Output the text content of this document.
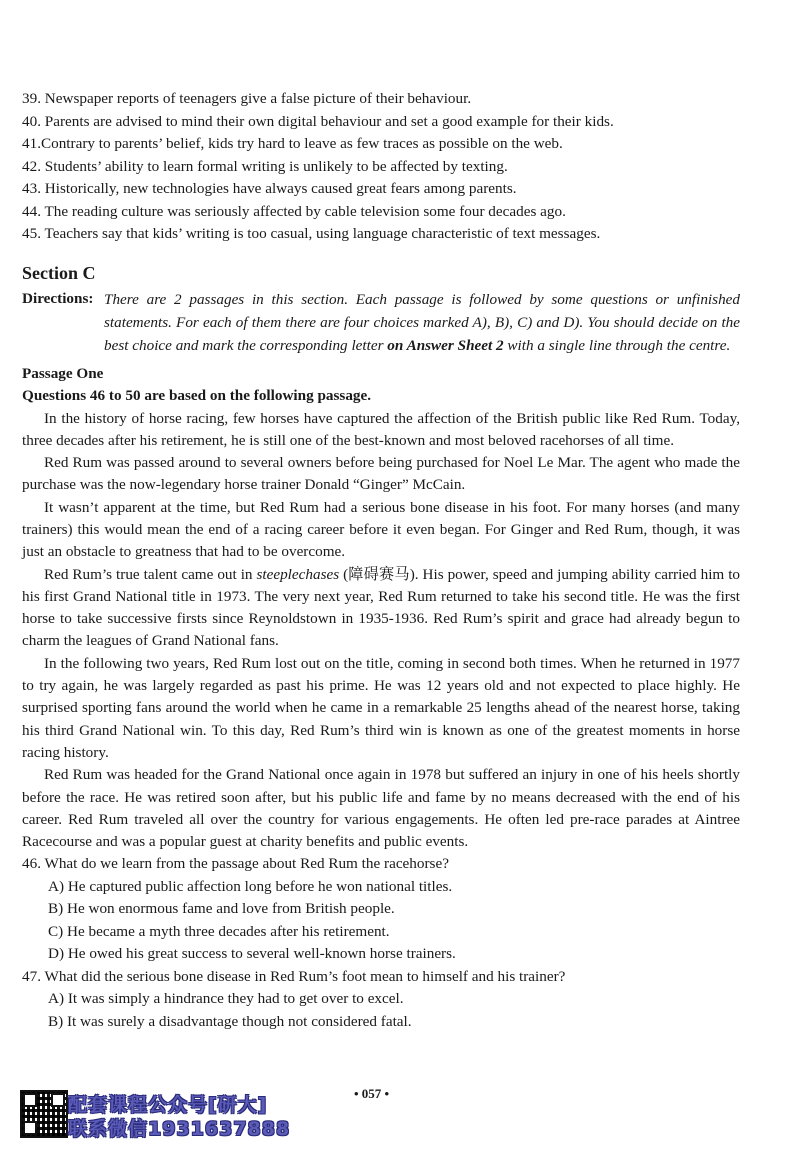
39. Newspaper reports of teenagers give a false picture of their behaviour.

40. Parents are advised to mind their own digital behaviour and set a good example for their kids.

41.Contrary to parents’ belief, kids try hard to leave as few traces as possible on the web.

42. Students’ ability to learn formal writing is unlikely to be affected by texting.

43. Historically, new technologies have always caused great fears among parents.

44. The reading culture was seriously affected by cable television some four decades ago.

45. Teachers say that kids’ writing is too casual, using language characteristic of text messages.

Section C
Directions: There are 2 passages in this section. Each passage is followed by some questions or unfinished statements. For each of them there are four choices marked A), B), C) and D). You should decide on the best choice and mark the corresponding letter on Answer Sheet 2 with a single line through the centre.
Passage One
Questions 46 to 50 are based on the following passage.

In the history of horse racing, few horses have captured the affection of the British public like Red Rum. Today, three decades after his retirement, he is still one of the best-known and most beloved racehorses of all time.

Red Rum was passed around to several owners before being purchased for Noel Le Mar. The agent who made the purchase was the now-legendary horse trainer Donald “Ginger” McCain.

It wasn’t apparent at the time, but Red Rum had a serious bone disease in his foot. For many horses (and many trainers) this would mean the end of a racing career before it even began. For Ginger and Red Rum, though, it was just an obstacle to greatness that had to be overcome.

Red Rum’s true talent came out in steeplechases (障碍赛马). His power, speed and jumping ability carried him to his first Grand National title in 1973. The very next year, Red Rum returned to take his second title. He was the first horse to take successive firsts since Reynoldstown in 1935-1936. Red Rum’s spirit and grace had already begun to charm the leagues of Grand National fans.

In the following two years, Red Rum lost out on the title, coming in second both times. When he returned in 1977 to try again, he was largely regarded as past his prime. He was 12 years old and not expected to place highly. He surprised sporting fans around the world when he came in a remarkable 25 lengths ahead of the nearest horse, taking his third Grand National win. To this day, Red Rum’s third win is known as one of the greatest moments in horse racing history.

Red Rum was headed for the Grand National once again in 1978 but suffered an injury in one of his heels shortly before the race. He was retired soon after, but his public life and fame by no means decreased with the end of his career. Red Rum traveled all over the country for various engagements. He often led pre-race parades at Aintree Racecourse and was a popular guest at charity benefits and public events.

46. What do we learn from the passage about Red Rum the racehorse?

A) He captured public affection long before he won national titles.

B) He won enormous fame and love from British people.

C) He became a myth three decades after his retirement.

D) He owed his great success to several well-known horse trainers.

47. What did the serious bone disease in Red Rum’s foot mean to himself and his trainer?

A) It was simply a hindrance they had to get over to excel.

B) It was surely a disadvantage though not considered fatal.

配套课程公众号[研大]
联系微信1931637888
• 057 •
